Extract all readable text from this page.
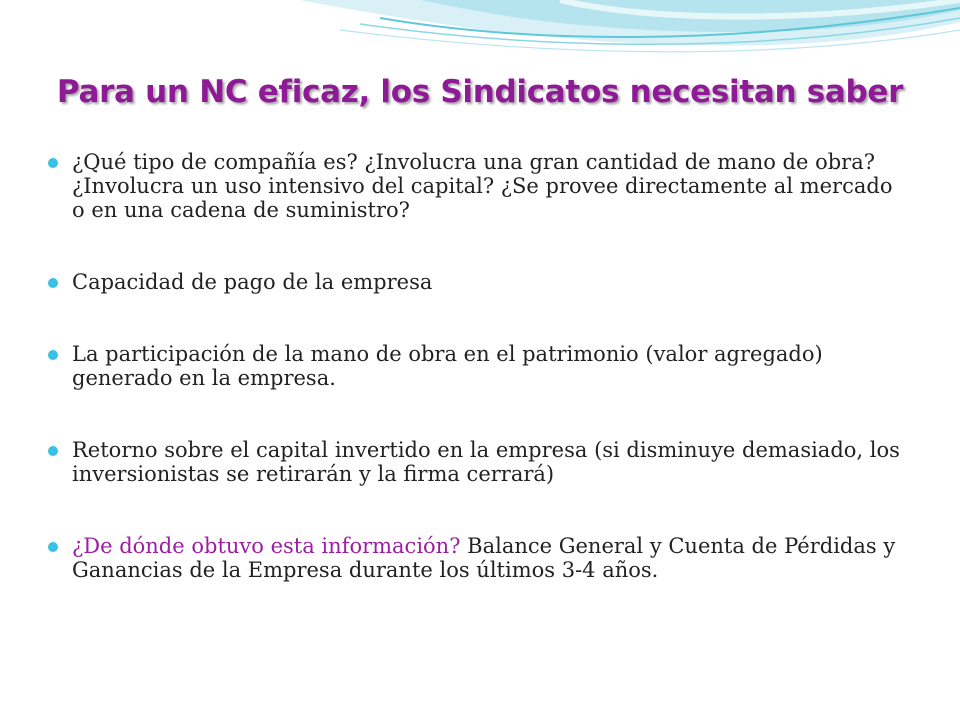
Para un NC eficaz, los Sindicatos necesitan saber
¿Qué tipo de compañía es? ¿Involucra una gran cantidad de mano de obra? ¿Involucra un uso intensivo del capital? ¿Se provee directamente al mercado o en una cadena de suministro?
Capacidad de pago de la empresa
La participación de la mano de obra en el patrimonio (valor agregado) generado en la empresa.
Retorno sobre el capital invertido en la empresa (si disminuye demasiado, los inversionistas se retirarán y la firma cerrará)
¿De dónde obtuvo esta información? Balance General y Cuenta de Pérdidas y Ganancias de la Empresa durante los últimos 3-4 años.
